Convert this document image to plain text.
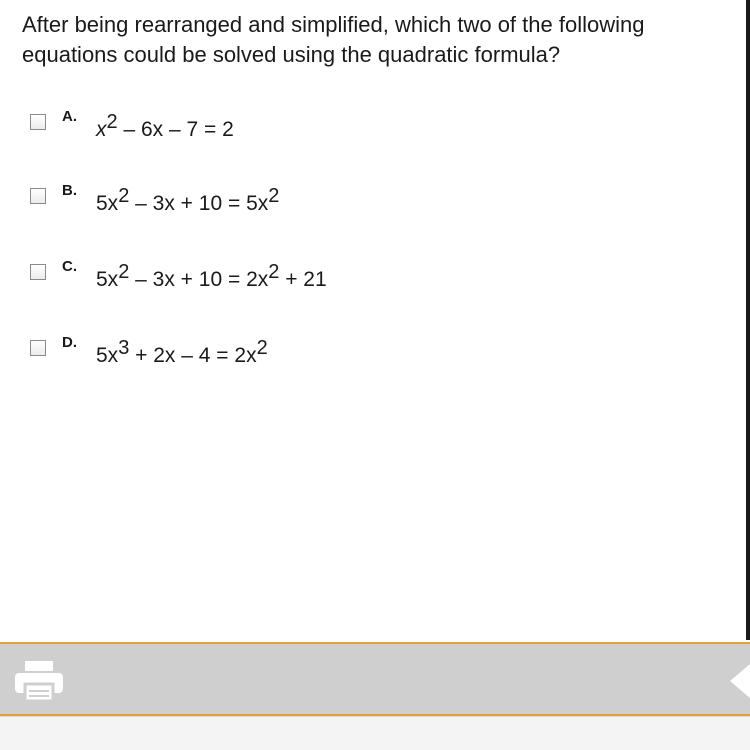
After being rearranged and simplified, which two of the following equations could be solved using the quadratic formula?

A.
$x^2 - 6x - 7 = 2$
B.
$5x^2 - 3x + 10 = 5x^2$
C.
$5x^2 - 3x + 10 = 2x^2 + 21$
D.
$5x^3 + 2x - 4 = 2x^2$
